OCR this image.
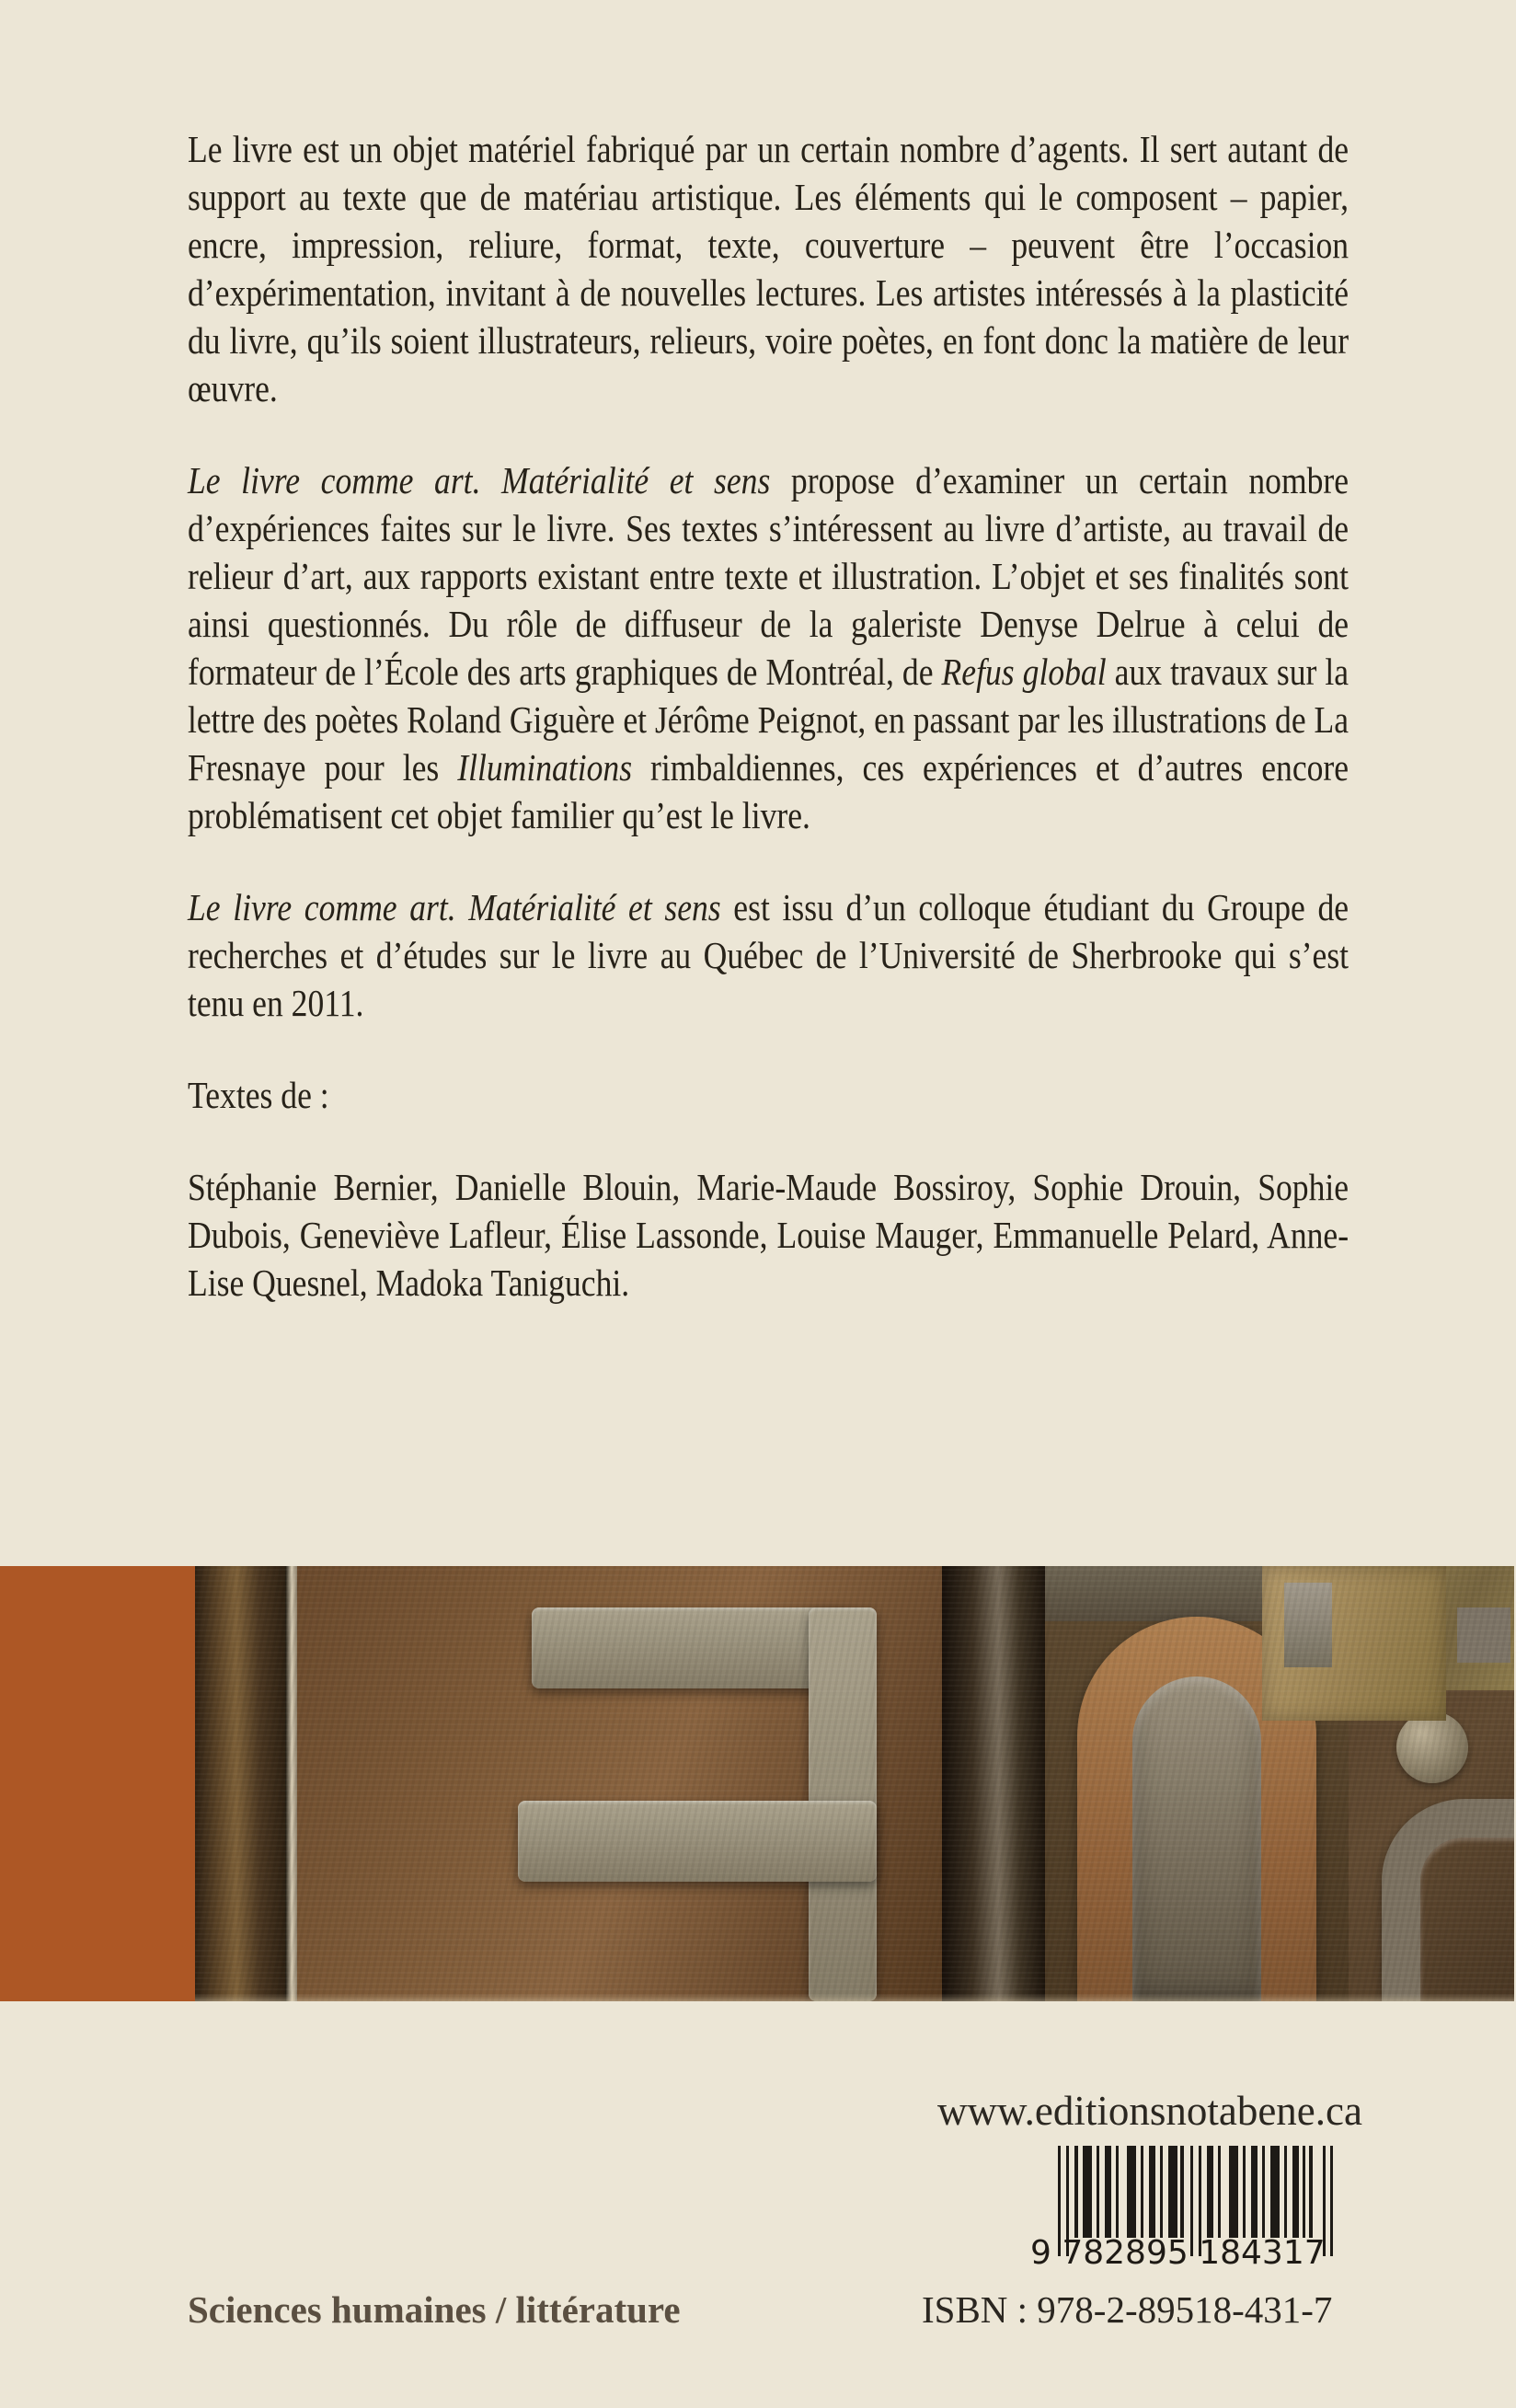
Le livre est un objet matériel fabriqué par un certain nombre d’agents. Il sert autant de support au texte que de matériau artistique. Les éléments qui le composent – papier, encre, impression, reliure, format, texte, couverture – peuvent être l’occasion d’expérimentation, invitant à de nouvelles lectures. Les artistes intéressés à la plasticité du livre, qu’ils soient illustrateurs, relieurs, voire poètes, en font donc la matière de leur œuvre.

Le livre comme art. Matérialité et sens propose d’examiner un certain nombre d’expériences faites sur le livre. Ses textes s’intéressent au livre d’artiste, au travail de relieur d’art, aux rapports existant entre texte et illustration. L’objet et ses finalités sont ainsi questionnés. Du rôle de diffuseur de la galeriste Denyse Delrue à celui de formateur de l’École des arts graphiques de Montréal, de Refus global aux travaux sur la lettre des poètes Roland Giguère et Jérôme Peignot, en passant par les illustrations de La Fresnaye pour les Illuminations rimbaldiennes, ces expériences et d’autres encore problématisent cet objet familier qu’est le livre.

Le livre comme art. Matérialité et sens est issu d’un colloque étudiant du Groupe de recherches et d’études sur le livre au Québec de l’Université de Sherbrooke qui s’est tenu en 2011.

Textes de :

Stéphanie Bernier, Danielle Blouin, Marie-Maude Bossiroy, Sophie Drouin, Sophie Dubois, Geneviève Lafleur, Élise Lassonde, Louise Mauger, Emmanuelle Pelard, Anne-Lise Quesnel, Madoka Taniguchi.

www.editionsnotabene.ca
9 782895 184317
Sciences humaines / littérature	ISBN : 978-2-89518-431-7
